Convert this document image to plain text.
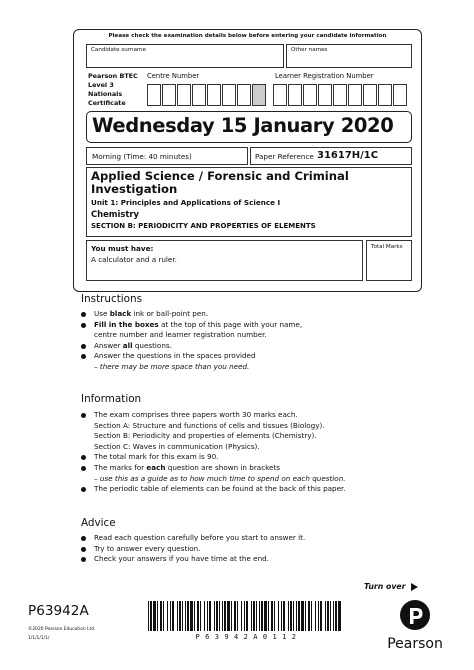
Please check the examination details below before entering your candidate information
Candidate surname	Other names
Pearson BTEC
Level 3
Nationals
Certificate
Centre Number	Learner Registration Number
Wednesday 15 January 2020
Morning (Time: 40 minutes)	Paper Reference 31617H/1C
Applied Science / Forensic and Criminal
Investigation
Unit 1: Principles and Applications of Science I
Chemistry
SECTION B: PERIODICITY AND PROPERTIES OF ELEMENTS
You must have:
A calculator and a ruler.
Total Marks
Instructions
Use black ink or ball-point pen.
Fill in the boxes at the top of this page with your name,
centre number and learner registration number.
Answer all questions.
Answer the questions in the spaces provided
– there may be more space than you need.
Information
The exam comprises three papers worth 30 marks each.
Section A: Structure and functions of cells and tissues (Biology).
Section B: Periodicity and properties of elements (Chemistry).
Section C: Waves in communication (Physics).
The total mark for this exam is 90.
The marks for each question are shown in brackets
– use this as a guide as to how much time to spend on each question.
The periodic table of elements can be found at the back of this paper.
Advice
Read each question carefully before you start to answer it.
Try to answer every question.
Check your answers if you have time at the end.
Turn over
P63942A
©2020 Pearson Education Ltd.
1/1/1/1/1/	P 6 3 9 4 2 A 0 1 1 2	Pearson
